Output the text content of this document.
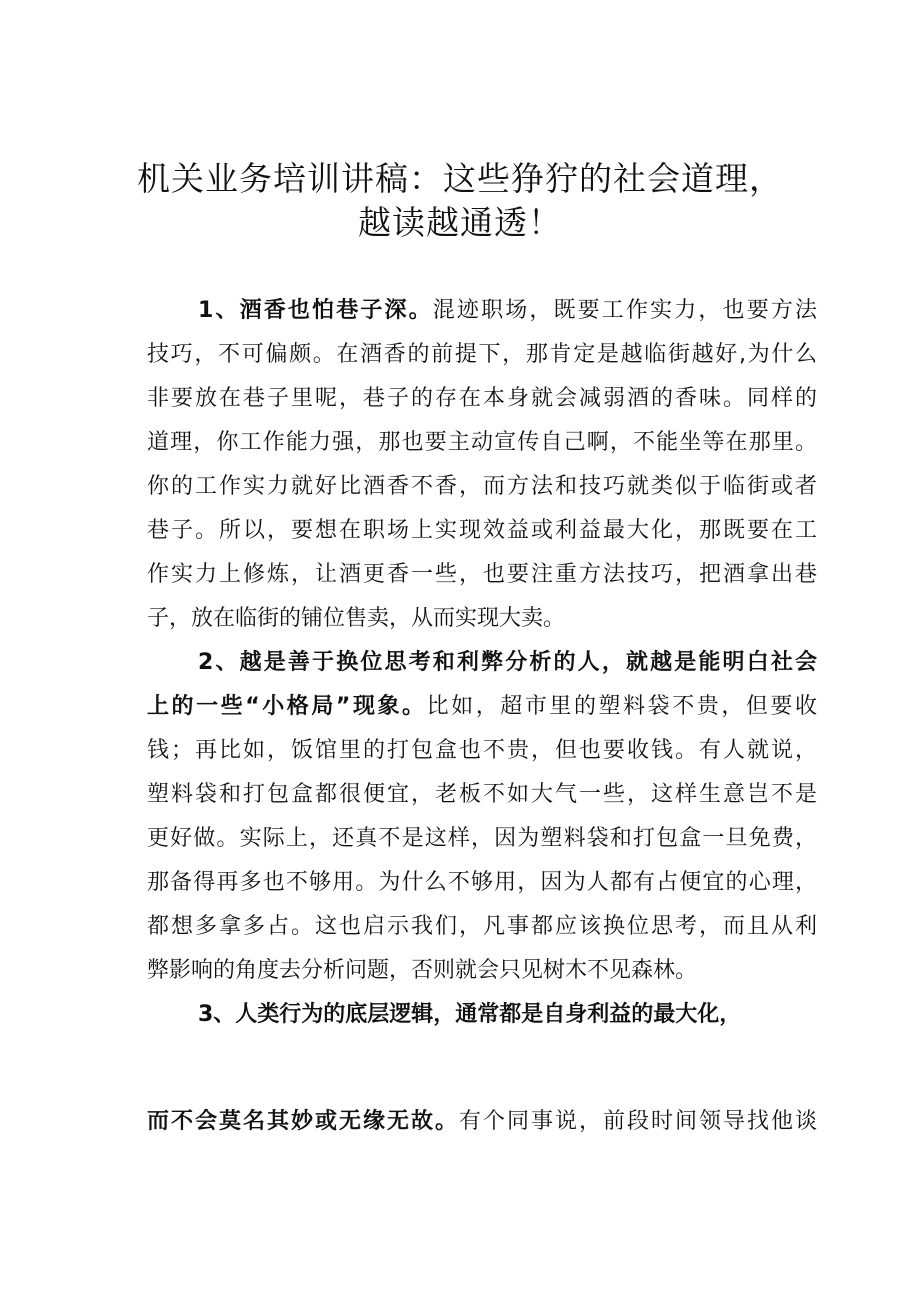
机关业务培训讲稿：这些狰狞的社会道理，
越读越通透！
1、酒香也怕巷子深。混迹职场，既要工作实力，也要方法
技巧，不可偏颇。在酒香的前提下，那肯定是越临街越好,为什么
非要放在巷子里呢，巷子的存在本身就会减弱酒的香味。同样的
道理，你工作能力强，那也要主动宣传自己啊，不能坐等在那里。
你的工作实力就好比酒香不香，而方法和技巧就类似于临街或者
巷子。所以，要想在职场上实现效益或利益最大化，那既要在工
作实力上修炼，让酒更香一些，也要注重方法技巧，把酒拿出巷
子，放在临街的铺位售卖，从而实现大卖。
2、越是善于换位思考和利弊分析的人，就越是能明白社会
上的一些“小格局”现象。比如，超市里的塑料袋不贵，但要收
钱；再比如，饭馆里的打包盒也不贵，但也要收钱。有人就说，
塑料袋和打包盒都很便宜，老板不如大气一些，这样生意岂不是
更好做。实际上，还真不是这样，因为塑料袋和打包盒一旦免费，
那备得再多也不够用。为什么不够用，因为人都有占便宜的心理，
都想多拿多占。这也启示我们，凡事都应该换位思考，而且从利
弊影响的角度去分析问题，否则就会只见树木不见森林。
3、人类行为的底层逻辑，通常都是自身利益的最大化，
而不会莫名其妙或无缘无故。有个同事说，前段时间领导找他谈
